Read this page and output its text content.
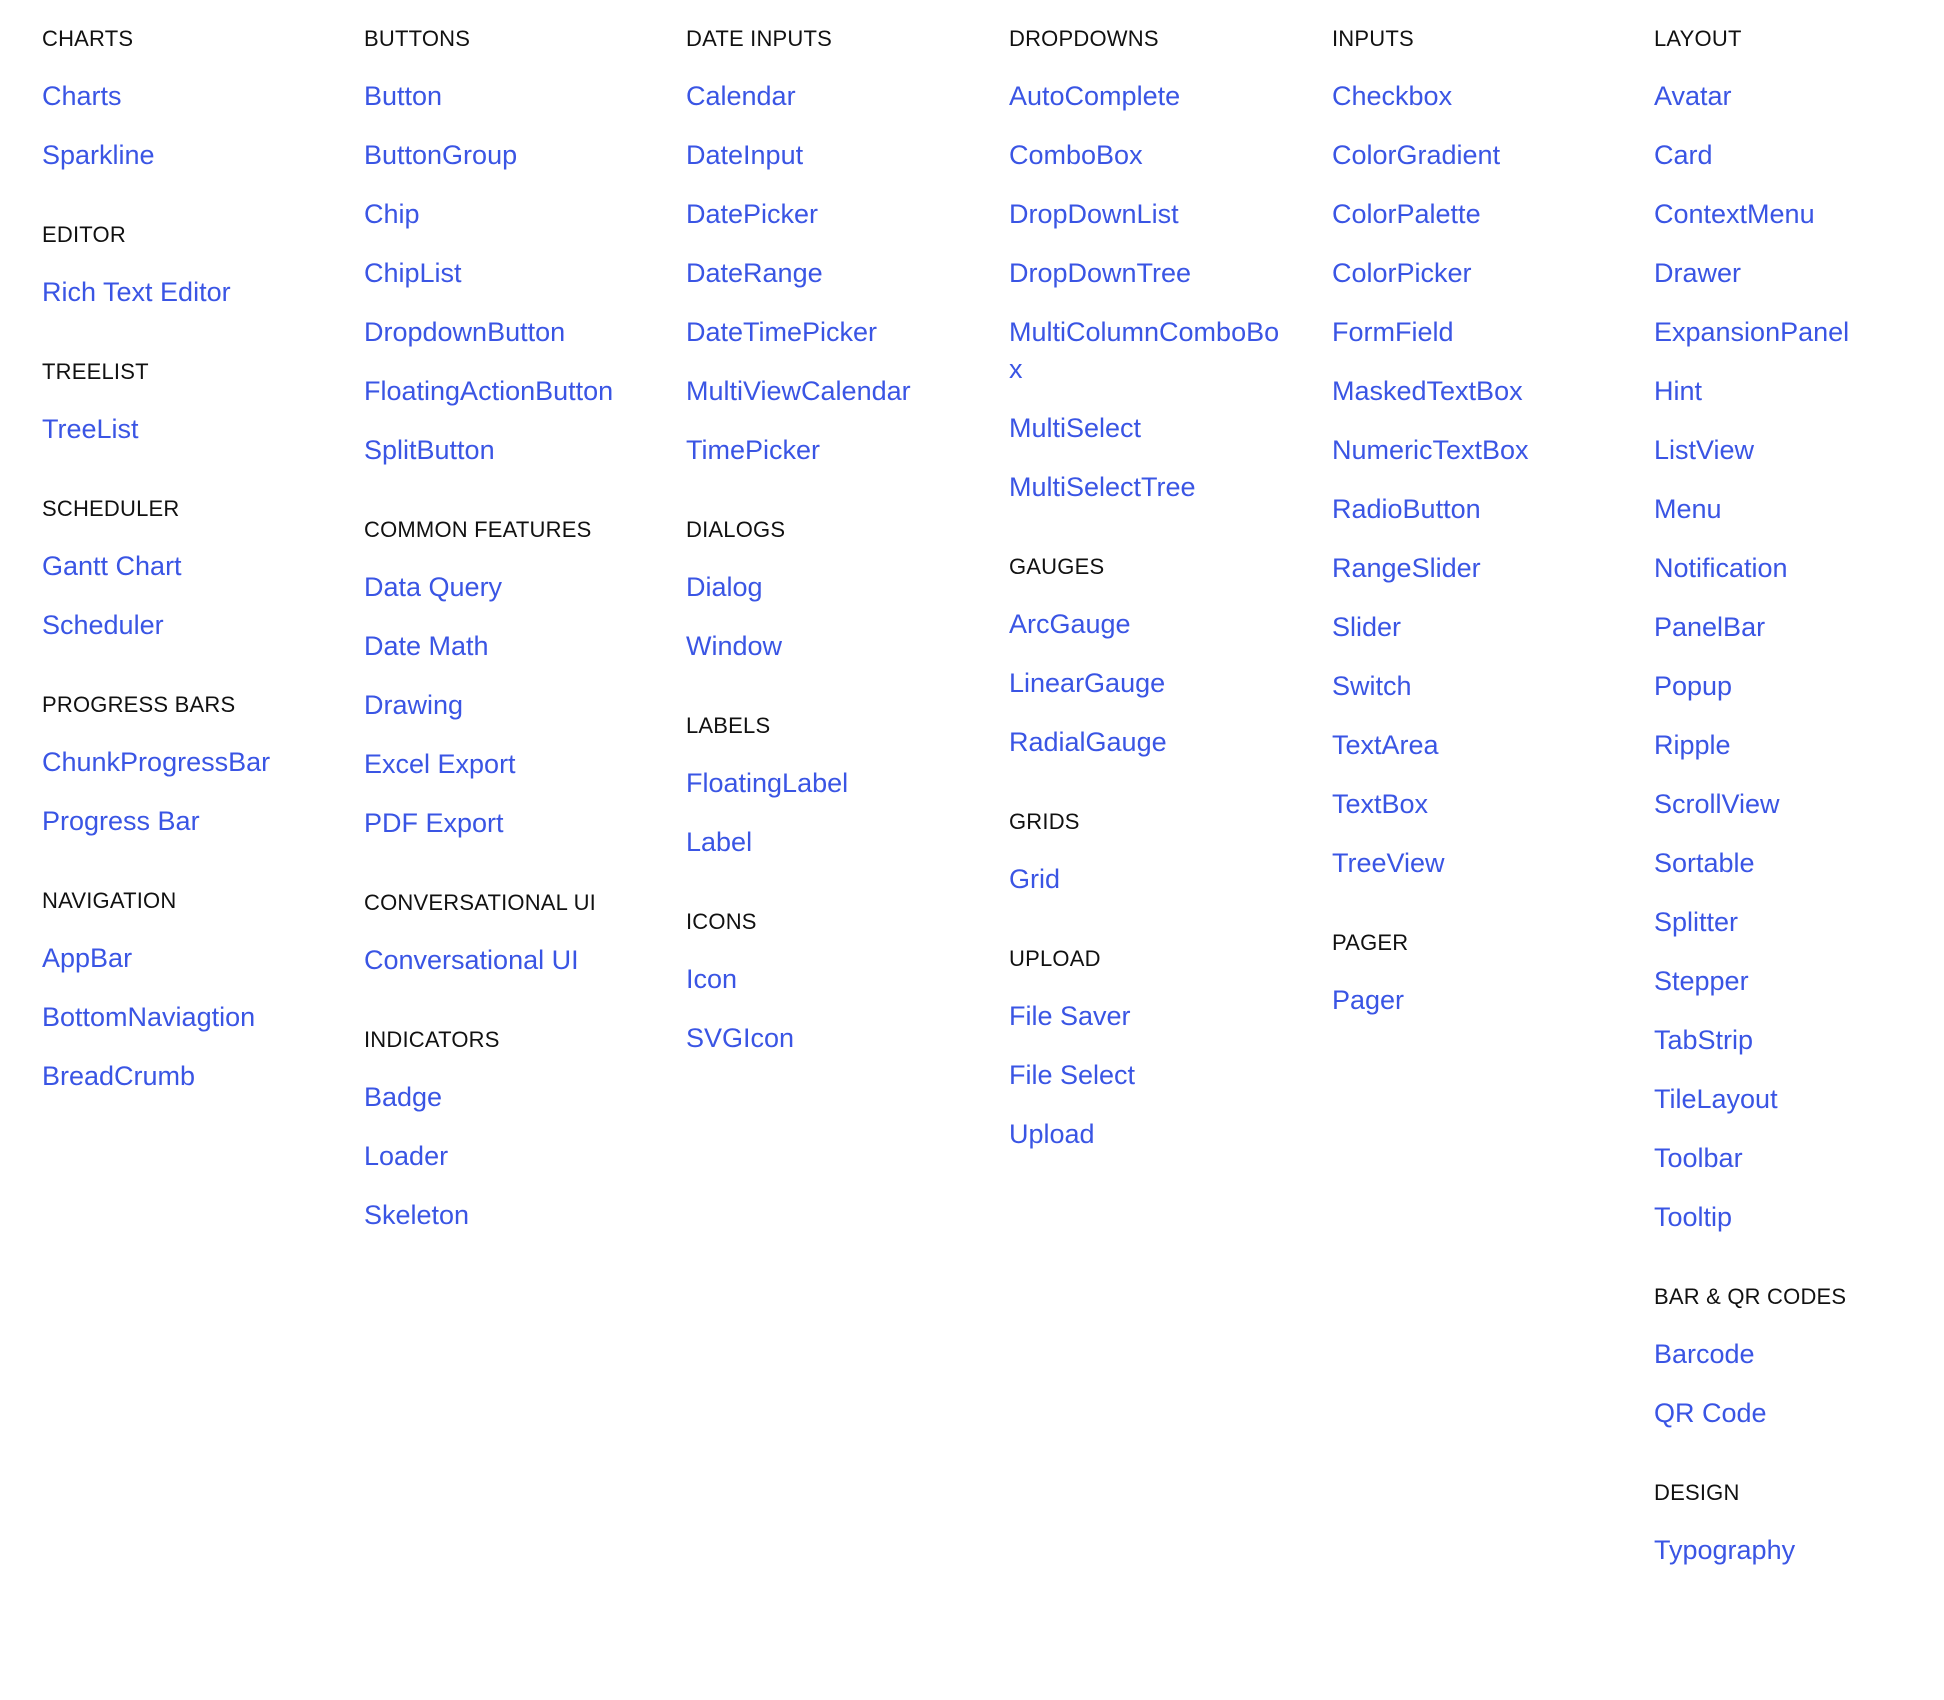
CHARTS
Charts
Sparkline
EDITOR
Rich Text Editor
TREELIST
TreeList
SCHEDULER
Gantt Chart
Scheduler
PROGRESS BARS
ChunkProgressBar
Progress Bar
NAVIGATION
AppBar
BottomNaviagtion
BreadCrumb
BUTTONS
Button
ButtonGroup
Chip
ChipList
DropdownButton
FloatingActionButton
SplitButton
COMMON FEATURES
Data Query
Date Math
Drawing
Excel Export
PDF Export
CONVERSATIONAL UI
Conversational UI
INDICATORS
Badge
Loader
Skeleton
DATE INPUTS
Calendar
DateInput
DatePicker
DateRange
DateTimePicker
MultiViewCalendar
TimePicker
DIALOGS
Dialog
Window
LABELS
FloatingLabel
Label
ICONS
Icon
SVGIcon
DROPDOWNS
AutoComplete
ComboBox
DropDownList
DropDownTree
MultiColumnComboBox
MultiSelect
MultiSelectTree
GAUGES
ArcGauge
LinearGauge
RadialGauge
GRIDS
Grid
UPLOAD
File Saver
File Select
Upload
INPUTS
Checkbox
ColorGradient
ColorPalette
ColorPicker
FormField
MaskedTextBox
NumericTextBox
RadioButton
RangeSlider
Slider
Switch
TextArea
TextBox
TreeView
PAGER
Pager
LAYOUT
Avatar
Card
ContextMenu
Drawer
ExpansionPanel
Hint
ListView
Menu
Notification
PanelBar
Popup
Ripple
ScrollView
Sortable
Splitter
Stepper
TabStrip
TileLayout
Toolbar
Tooltip
BAR & QR CODES
Barcode
QR Code
DESIGN
Typography
